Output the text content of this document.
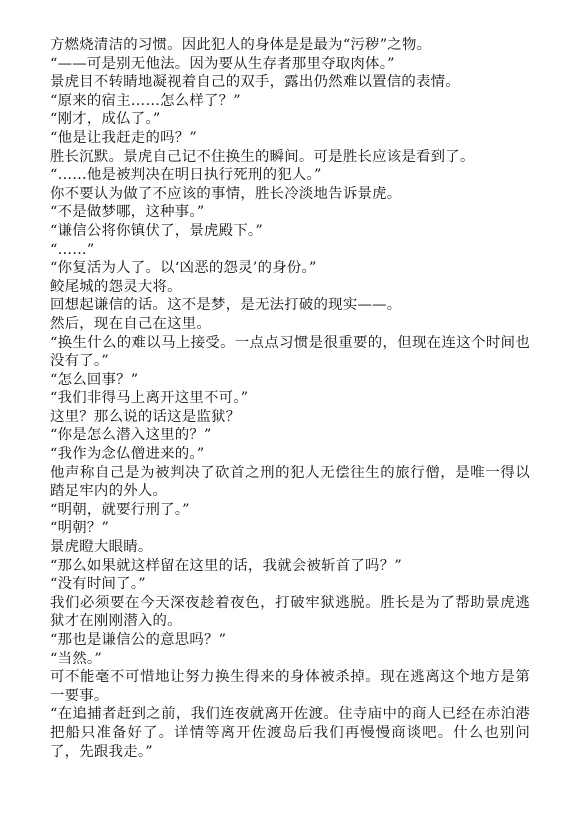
方燃烧清洁的习惯。因此犯人的身体是是最为“污秽”之物。

“——可是别无他法。因为要从生存者那里夺取肉体。”

景虎目不转睛地凝视着自己的双手，露出仍然难以置信的表情。

“原来的宿主……怎么样了？”

“刚才，成仏了。”

“他是让我赶走的吗？”

胜长沉默。景虎自己记不住换生的瞬间。可是胜长应该是看到了。

“……他是被判决在明日执行死刑的犯人。”

你不要认为做了不应该的事情，胜长冷淡地告诉景虎。

“不是做梦哪，这种事。”

“谦信公将你镇伏了，景虎殿下。”

“……”

“你复活为人了。以‘凶恶的怨灵’的身份。”

鲛尾城的怨灵大将。

回想起谦信的话。这不是梦，是无法打破的现实——。

然后，现在自己在这里。

“换生什么的难以马上接受。一点点习惯是很重要的，但现在连这个时间也没有了。”

“怎么回事？”

“我们非得马上离开这里不可。”

这里？那么说的话这是监狱？

“你是怎么潜入这里的？”

“我作为念仏僧进来的。”

他声称自己是为被判决了砍首之刑的犯人无偿往生的旅行僧，是唯一得以踏足牢内的外人。

“明朝，就要行刑了。”

“明朝？”

景虎瞪大眼睛。

“那么如果就这样留在这里的话，我就会被斩首了吗？”

“没有时间了。”

我们必须要在今天深夜趁着夜色，打破牢狱逃脱。胜长是为了帮助景虎逃狱才在刚刚潜入的。

“那也是谦信公的意思吗？”

“当然。”

可不能毫不可惜地让努力换生得来的身体被杀掉。现在逃离这个地方是第一要事。

“在追捕者赶到之前，我们连夜就离开佐渡。住寺庙中的商人已经在赤泊港把船只准备好了。详情等离开佐渡岛后我们再慢慢商谈吧。什么也别问了，先跟我走。”
